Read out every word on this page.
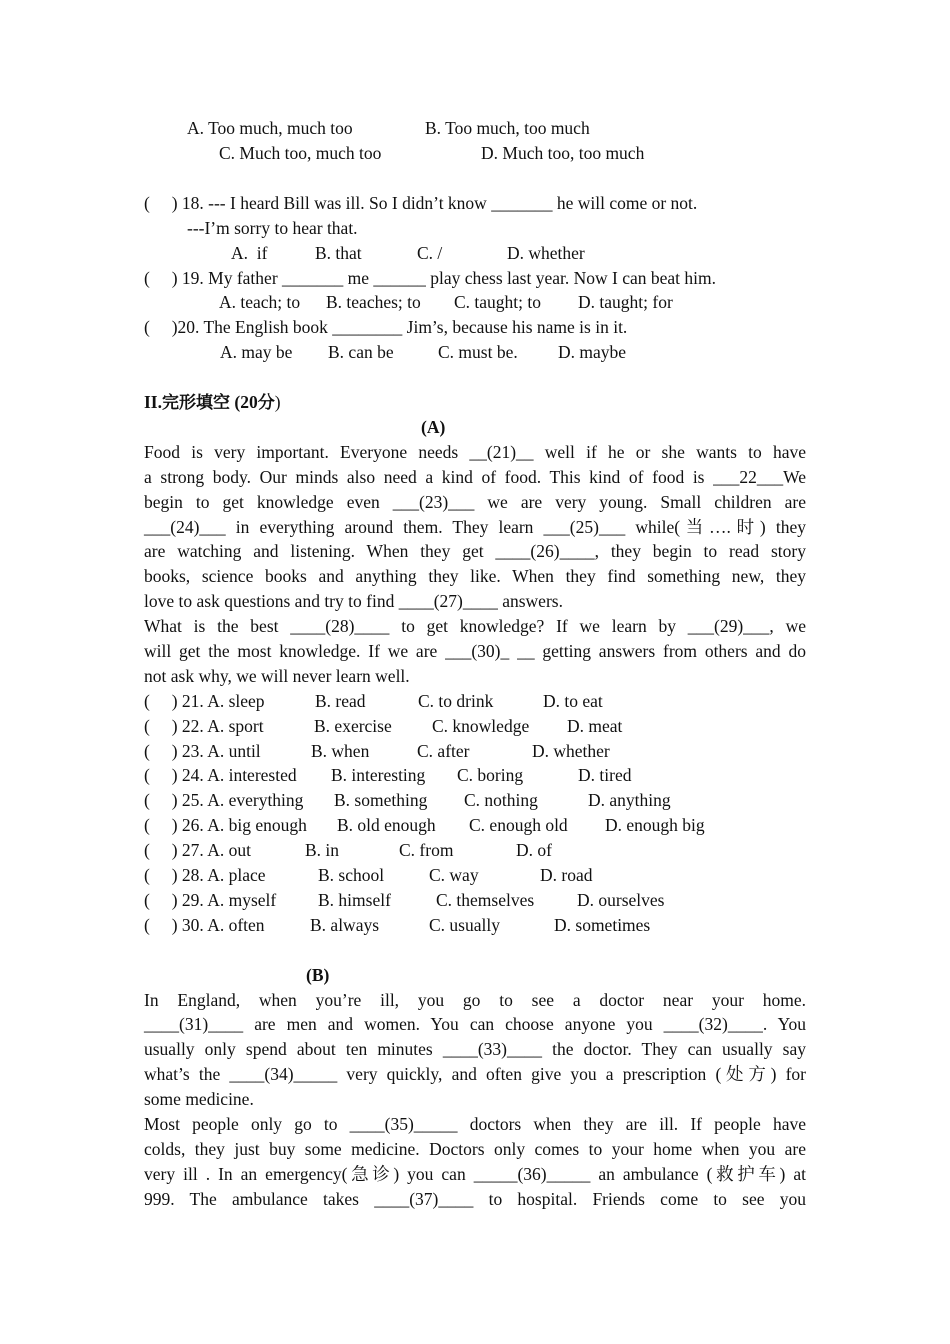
A. Too much, much too	B. Too much, too much
C. Much too, much too	D. Much too, too much
(     ) 18. --- I heard Bill was ill. So I didn’t know _______ he will come or not.
---I’m sorry to hear that.
A.  if	B. that	C. /	D. whether
(     ) 19. My father _______ me ______ play chess last year. Now I can beat him.
A. teach; to B. teaches; to C. taught; to D. taught; for
(     )20. The English book ________ Jim’s, because his name is in it.
A. may be B. can be	C. must be. D. maybe
II.完形填空 (20分)
(A)
Food is very important. Everyone needs __(21)__ well if he or she wants to have
a strong body. Our minds also need a kind of food. This kind of food is ___22___We
begin to get knowledge even ___(23)___ we are very young. Small children are
___(24)___ in everything around them. They learn ___(25)___ while(当….时) they
are watching and listening. When they get ____(26)____, they begin to read story
books, science books and anything they like. When they find something new, they
love to ask questions and try to find ____(27)____ answers.
What is the best ____(28)____ to get knowledge? If we learn by ___(29)___, we
will get the most knowledge. If we are ___(30)_ __ getting answers from others and do
not ask why, we will never learn well.
(     ) 21. A. sleep	B. read	C. to drink	D. to eat
(     ) 22. A. sport	B. exercise C. knowledge D. meat
(     ) 23. A. until	B. when	C. after	D. whether
(     ) 24. A. interested B. interesting C. boring	D. tired
(     ) 25. A. everything B. something C. nothing	D. anything
(     ) 26. A. big enough B. old enough C. enough old D. enough big
(     ) 27. A. out	B. in	C. from	D. of
(     ) 28. A. place	B. school	C. way	D. road
(     ) 29. A. myself B. himself	C. themselves D. ourselves
(     ) 30. A. often	B. always	C. usually	D. sometimes
(B)
In England, when you’re ill, you go to see a doctor near your home.
____(31)____ are men and women. You can choose anyone you ____(32)____. You
usually only spend about ten minutes ____(33)____ the doctor. They can usually say
what’s the ____(34)_____ very quickly, and often give you a prescription (处方) for
some medicine.
Most people only go to ____(35)_____ doctors when they are ill. If people have
colds, they just buy some medicine. Doctors only comes to your home when you are
very ill . In an emergency(急诊) you can _____(36)_____ an ambulance (救护车) at
999. The ambulance takes ____(37)____ to hospital. Friends come to see you
